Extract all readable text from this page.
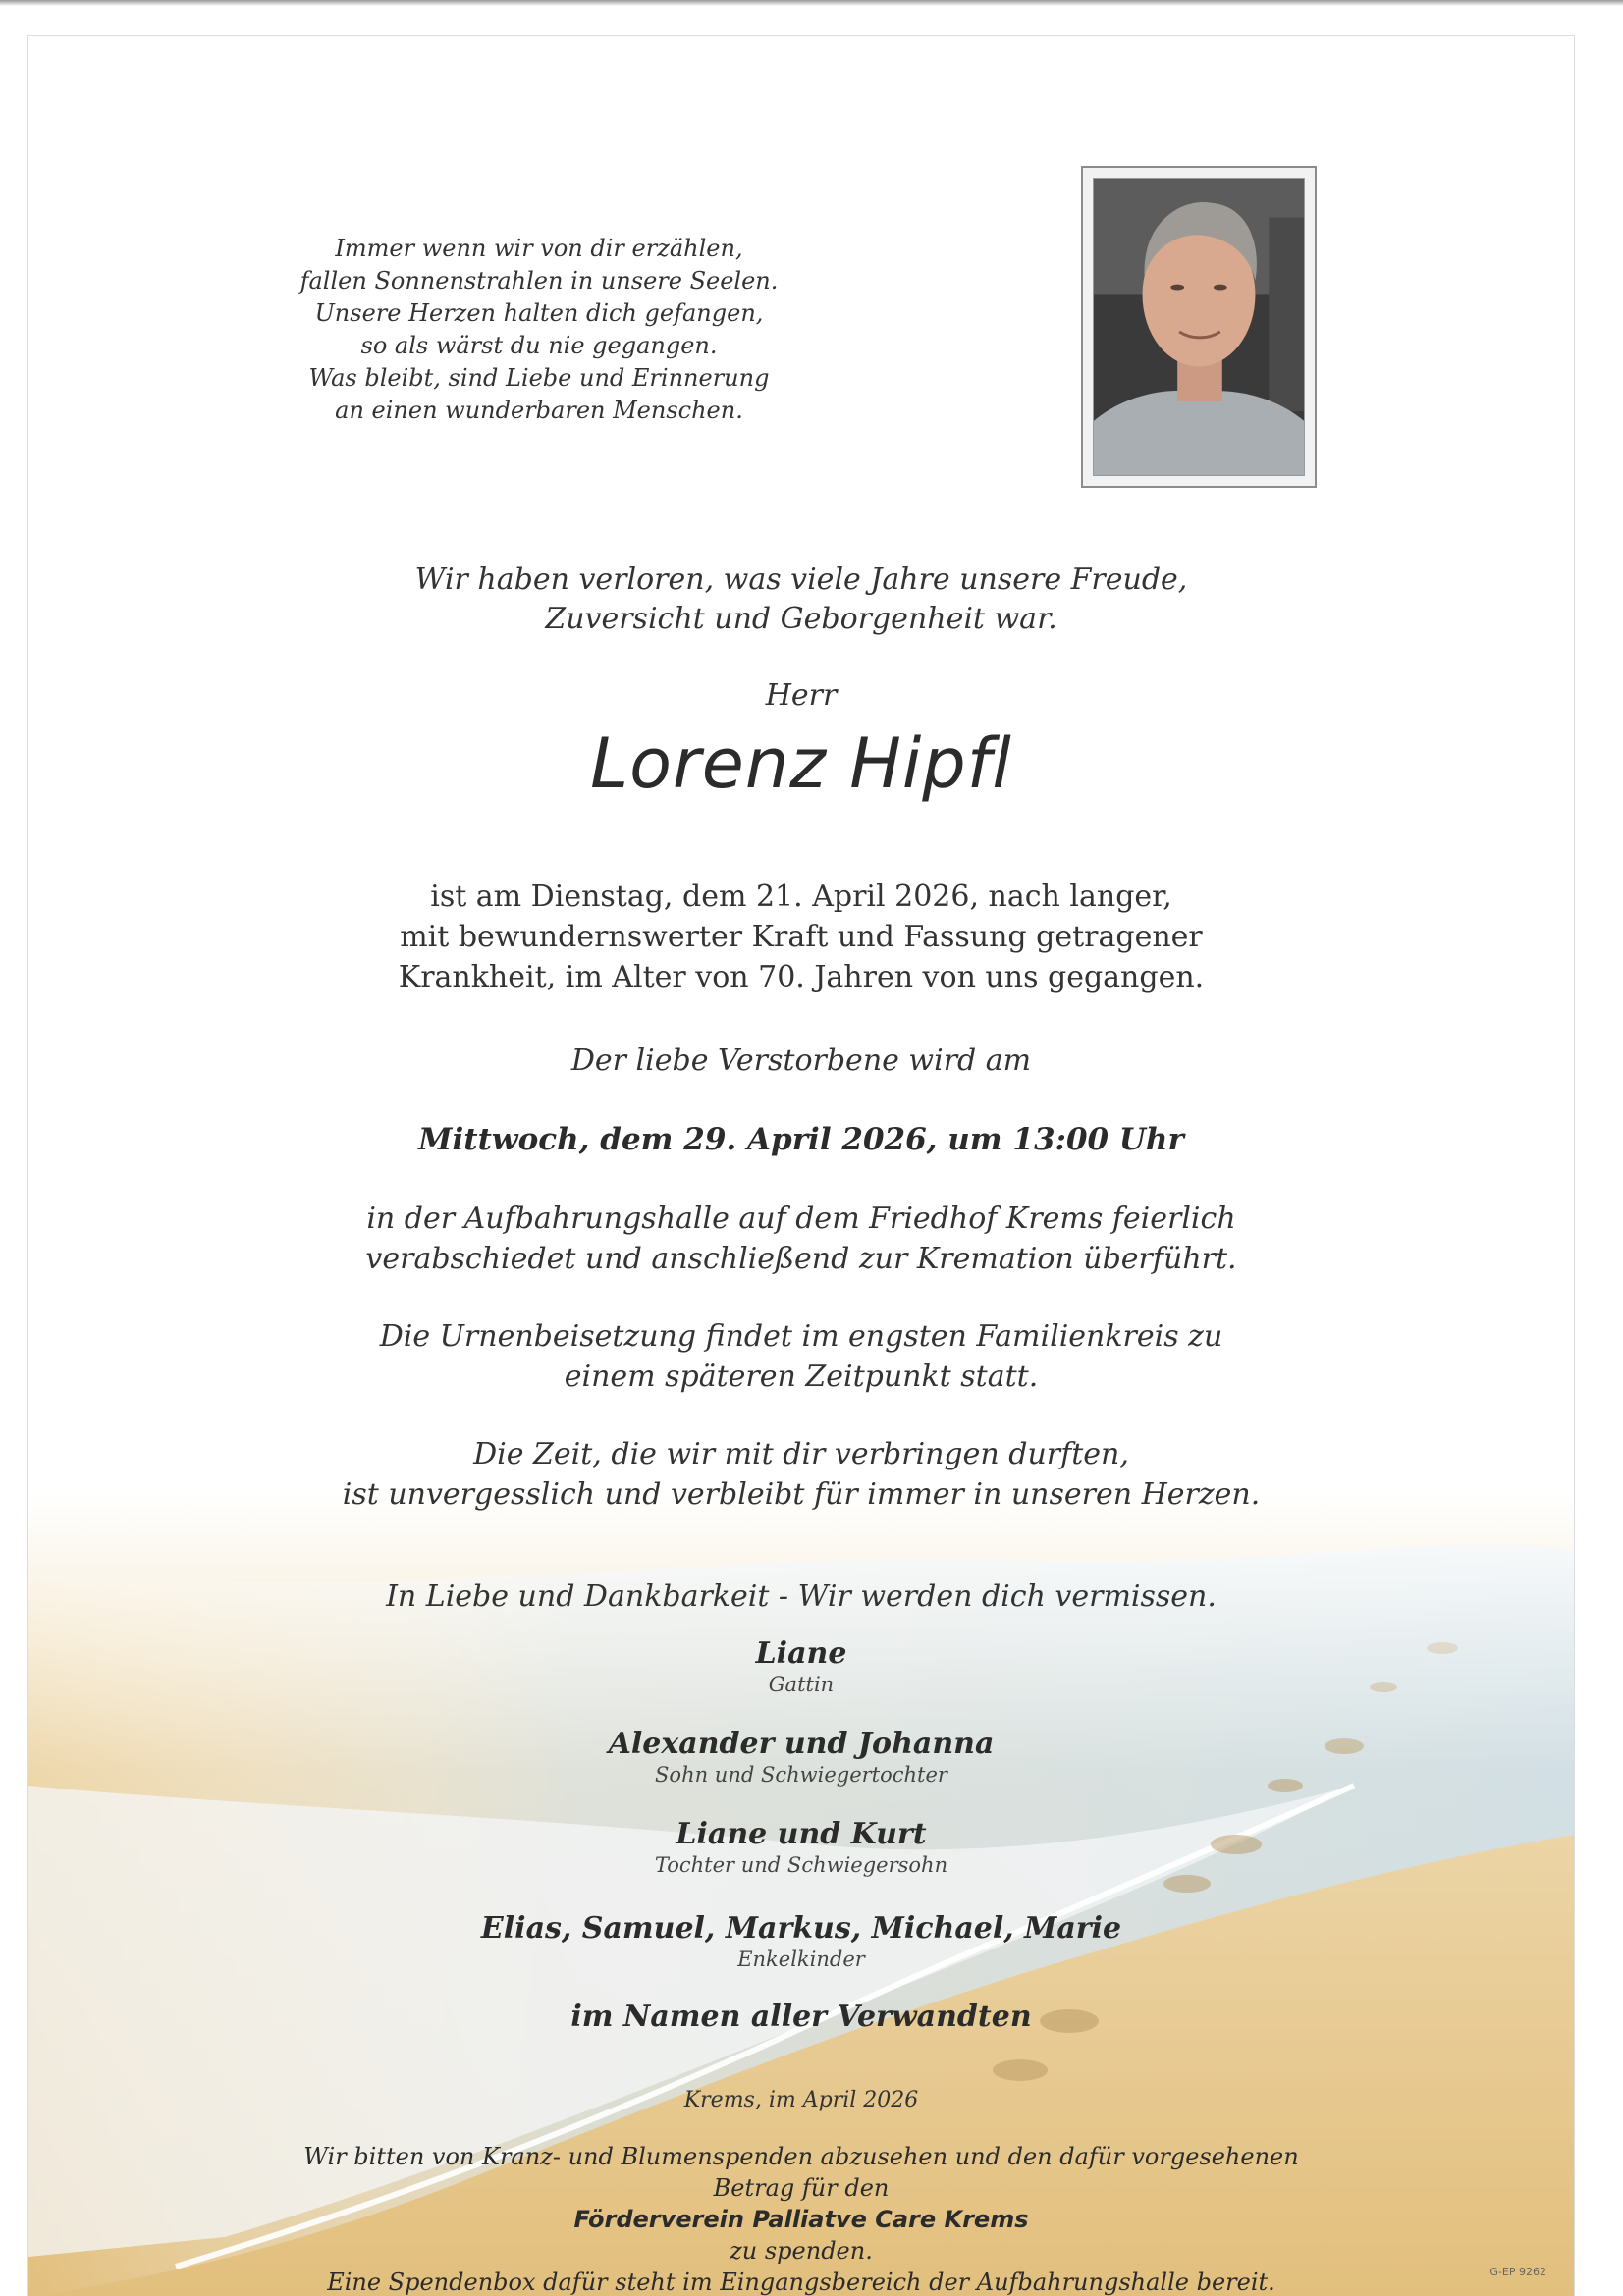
Immer wenn wir von dir erzählen,
fallen Sonnenstrahlen in unsere Seelen.
Unsere Herzen halten dich gefangen,
so als wärst du nie gegangen.
Was bleibt, sind Liebe und Erinnerung
an einen wunderbaren Menschen.
Wir haben verloren, was viele Jahre unsere Freude,
Zuversicht und Geborgenheit war.
Herr
Lorenz Hipfl
ist am Dienstag, dem 21. April 2026, nach langer,
mit bewundernswerter Kraft und Fassung getragener
Krankheit, im Alter von 70. Jahren von uns gegangen.
Der liebe Verstorbene wird am
Mittwoch, dem 29. April 2026, um 13:00 Uhr
in der Aufbahrungshalle auf dem Friedhof Krems feierlich
verabschiedet und anschließend zur Kremation überführt.
Die Urnenbeisetzung findet im engsten Familienkreis zu
einem späteren Zeitpunkt statt.
Die Zeit, die wir mit dir verbringen durften,
ist unvergesslich und verbleibt für immer in unseren Herzen.
In Liebe und Dankbarkeit - Wir werden dich vermissen.
Liane
Gattin
Alexander und Johanna
Sohn und Schwiegertochter
Liane und Kurt
Tochter und Schwiegersohn
Elias, Samuel, Markus, Michael, Marie
Enkelkinder
im Namen aller Verwandten
Krems, im April 2026
Wir bitten von Kranz- und Blumenspenden abzusehen und den dafür vorgesehenen
Betrag für den
Förderverein Palliatve Care Krems
zu spenden.
Eine Spendenbox dafür steht im Eingangsbereich der Aufbahrungshalle bereit.	G-EP 9262
